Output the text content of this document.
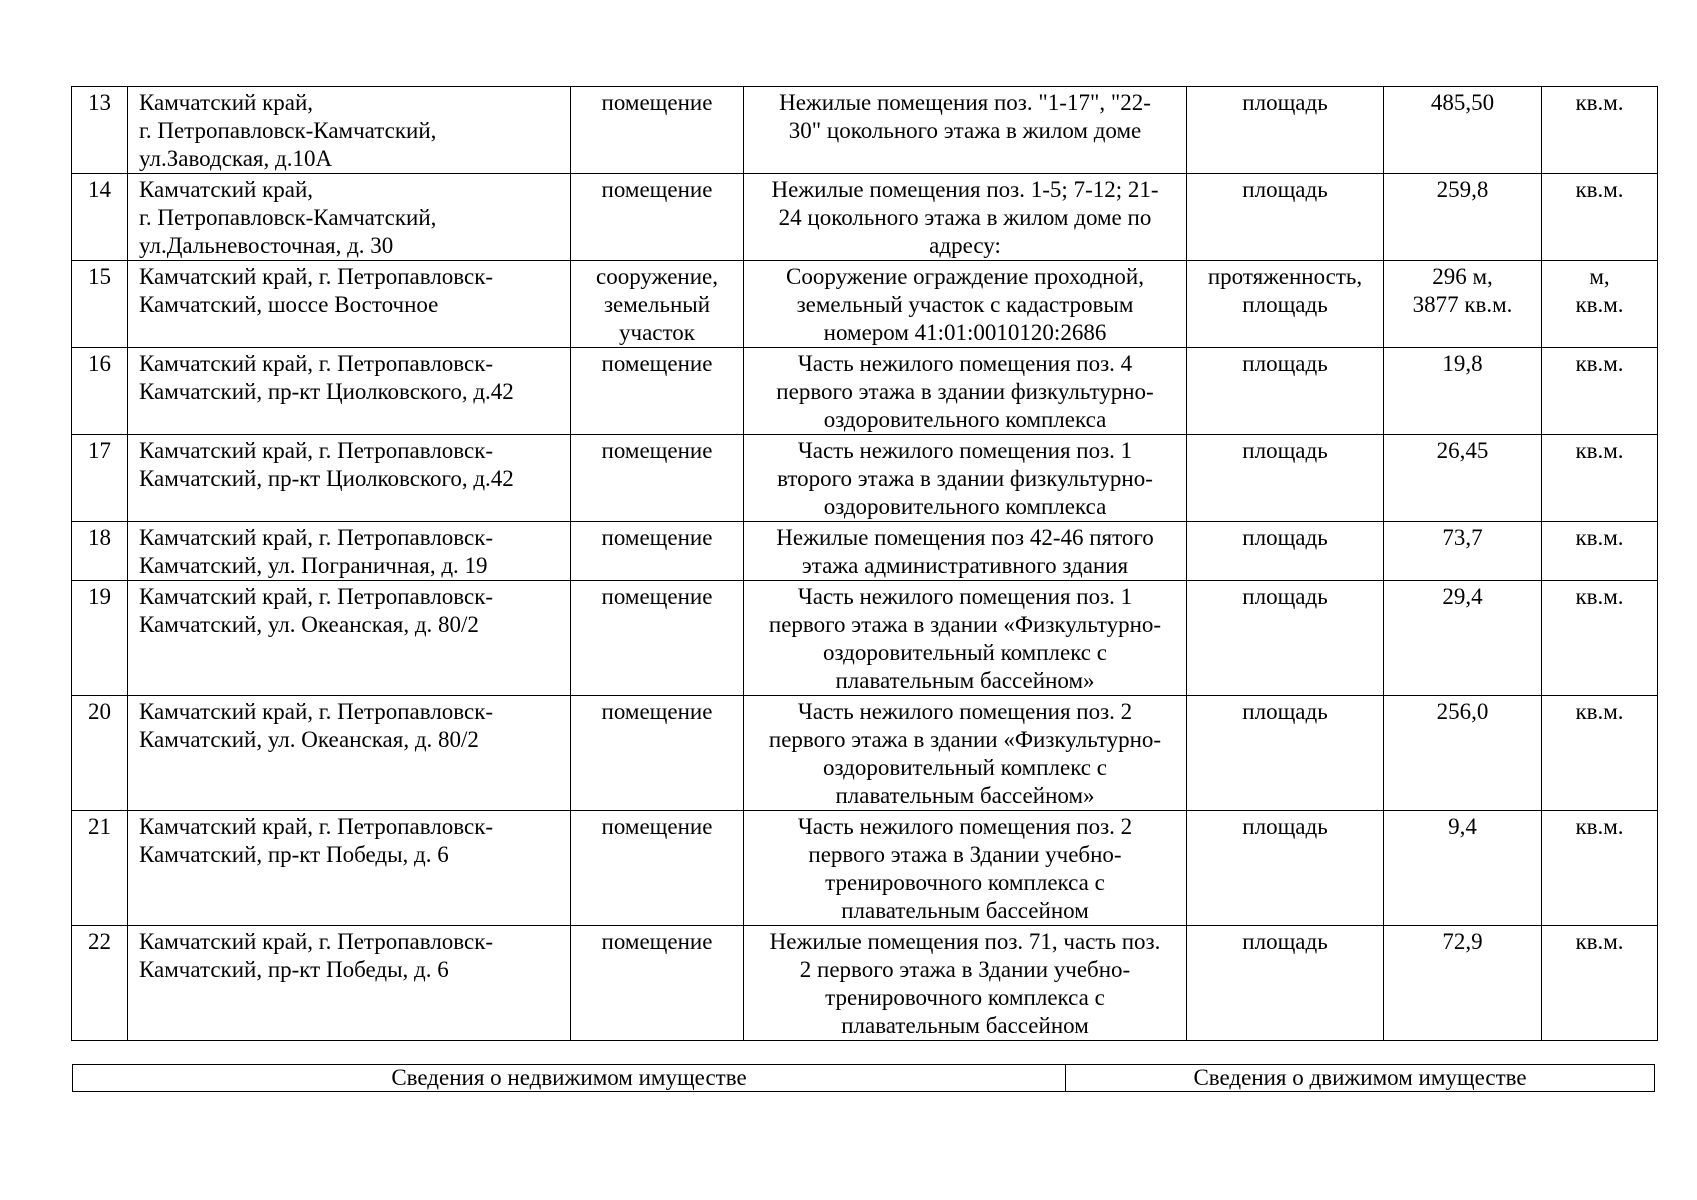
13	Камчатский край,
г. Петропавловск-Камчатский,
ул.Заводская, д.10А	помещение	Нежилые помещения поз. "1-17", "22-
30" цокольного этажа в жилом доме	площадь	485,50	кв.м.

14	Камчатский край,
г. Петропавловск-Камчатский,
ул.Дальневосточная, д. 30	помещение	Нежилые помещения поз. 1-5; 7-12; 21-
24 цокольного этажа в жилом доме по
адресу:	площадь	259,8	кв.м.

15	Камчатский край, г. Петропавловск-
Камчатский, шоссе Восточное	сооружение,
земельный
участок	Сооружение ограждение проходной,
земельный участок с кадастровым
номером 41:01:0010120:2686	протяженность,
площадь	296 м,
3877 кв.м.	м,
кв.м.

16	Камчатский край, г. Петропавловск-
Камчатский, пр-кт Циолковского, д.42	помещение	Часть нежилого помещения поз. 4
первого этажа в здании физкультурно-
оздоровительного комплекса	площадь	19,8	кв.м.

17	Камчатский край, г. Петропавловск-
Камчатский, пр-кт Циолковского, д.42	помещение	Часть нежилого помещения поз. 1
второго этажа в здании физкультурно-
оздоровительного комплекса	площадь	26,45	кв.м.

18	Камчатский край, г. Петропавловск-
Камчатский, ул. Пограничная, д. 19	помещение	Нежилые помещения поз 42-46 пятого
этажа административного здания	площадь	73,7	кв.м.

19	Камчатский край, г. Петропавловск-
Камчатский, ул. Океанская, д. 80/2	помещение	Часть нежилого помещения поз. 1
первого этажа в здании «Физкультурно-
оздоровительный комплекс с
плавательным бассейном»	площадь	29,4	кв.м.

20	Камчатский край, г. Петропавловск-
Камчатский, ул. Океанская, д. 80/2	помещение	Часть нежилого помещения поз. 2
первого этажа в здании «Физкультурно-
оздоровительный комплекс с
плавательным бассейном»	площадь	256,0	кв.м.

21	Камчатский край, г. Петропавловск-
Камчатский, пр-кт Победы, д. 6	помещение	Часть нежилого помещения поз. 2
первого этажа в Здании учебно-
тренировочного комплекса с
плавательным бассейном	площадь	9,4	кв.м.

22	Камчатский край, г. Петропавловск-
Камчатский, пр-кт Победы, д. 6	помещение	Нежилые помещения поз. 71, часть поз.
2 первого этажа в Здании учебно-
тренировочного комплекса с
плавательным бассейном	площадь	72,9	кв.м.
Сведения о недвижимом имуществе	Сведения о движимом имуществе
